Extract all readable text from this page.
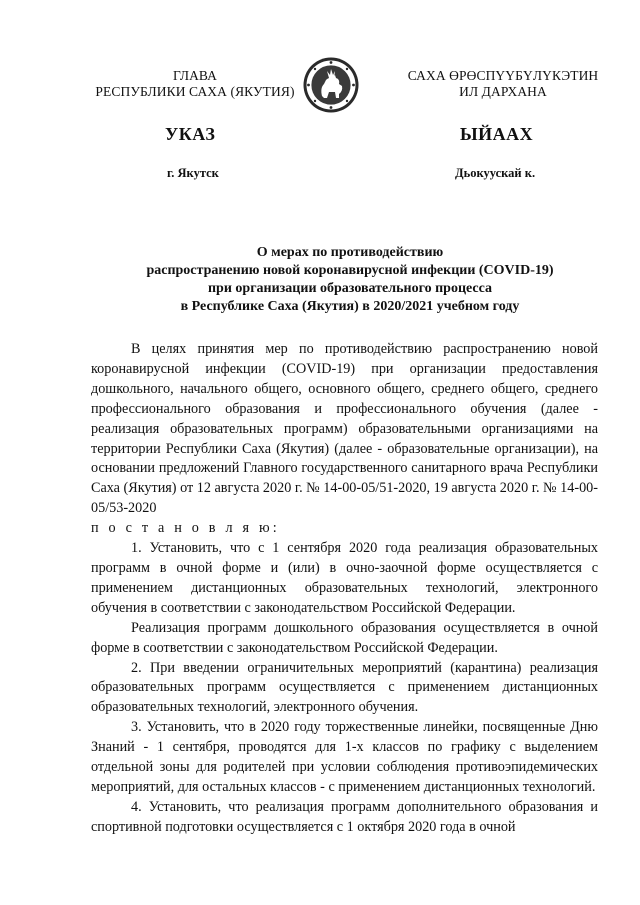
ГЛАВА
РЕСПУБЛИКИ САХА (ЯКУТИЯ)
САХА ӨРӨСПҮҮБҮЛҮКЭТИН
ИЛ ДАРХАНА
УКАЗ	ЫЙААХ
г. Якутск	Дьокуускай к.
О мерах по противодействию
распространению новой коронавирусной инфекции (COVID-19)
при организации образовательного процесса
в Республике Саха (Якутия) в 2020/2021 учебном году

В целях принятия мер по противодействию распространению новой коронавирусной инфекции (COVID-19) при организации предоставления дошкольного, начального общего, основного общего, среднего общего, среднего профессионального образования и профессионального обучения (далее - реализация образовательных программ) образовательными организациями на территории Республики Саха (Якутия) (далее - образовательные организации), на основании предложений Главного государственного санитарного врача Республики Саха (Якутия) от 12 августа 2020 г. № 14-00-05/51-2020, 19 августа 2020 г. № 14-00-05/53-2020

п о с т а н о в л я ю:

1. Установить, что с 1 сентября 2020 года реализация образовательных программ в очной форме и (или) в очно-заочной форме осуществляется с применением дистанционных образовательных технологий, электронного обучения в соответствии с законодательством Российской Федерации.

Реализация программ дошкольного образования осуществляется в очной форме в соответствии с законодательством Российской Федерации.

2. При введении ограничительных мероприятий (карантина) реализация образовательных программ осуществляется с применением дистанционных образовательных технологий, электронного обучения.

3. Установить, что в 2020 году торжественные линейки, посвященные Дню Знаний - 1 сентября, проводятся для 1-х классов по графику с выделением отдельной зоны для родителей при условии соблюдения противоэпидемических мероприятий, для остальных классов - с применением дистанционных технологий.

4. Установить, что реализация программ дополнительного образования и спортивной подготовки осуществляется с 1 октября 2020 года в очной
